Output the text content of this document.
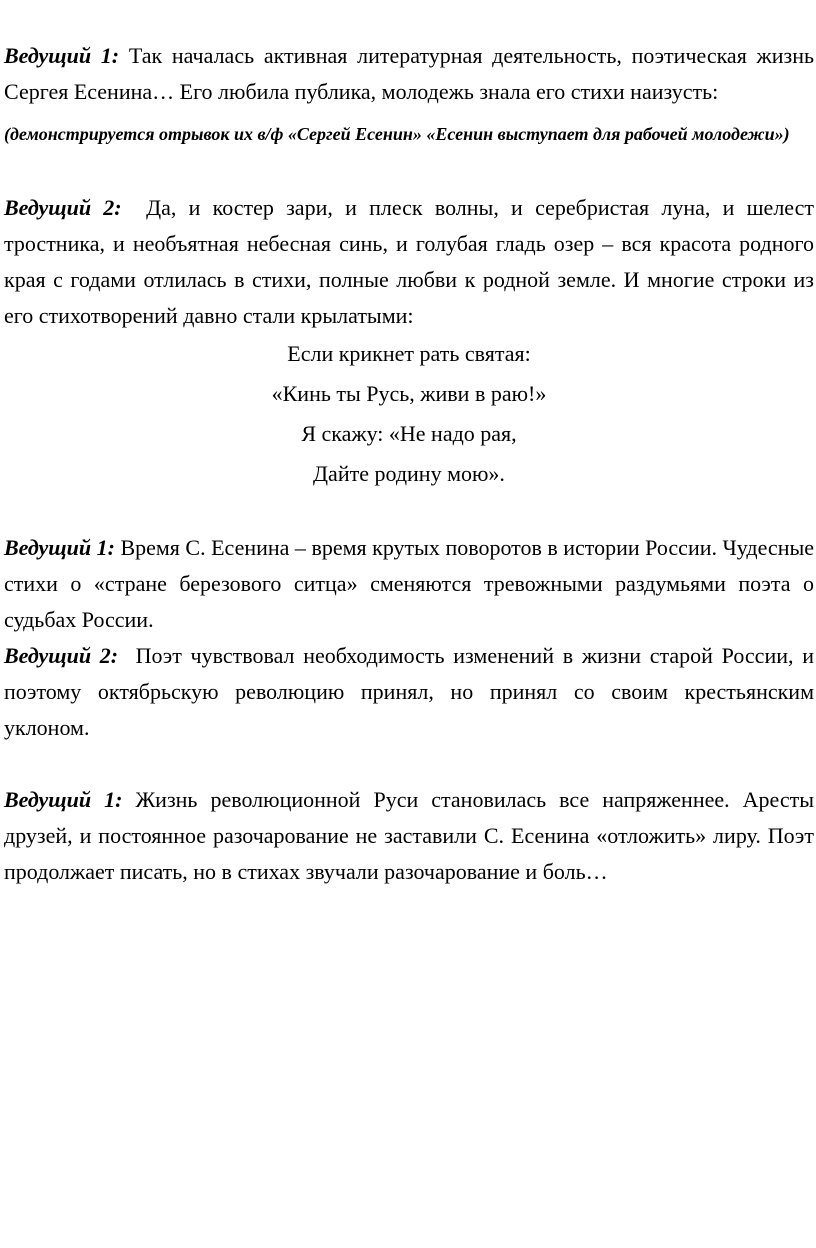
Ведущий 1: Так началась активная литературная деятельность, поэтическая жизнь Сергея Есенина… Его любила публика, молодежь знала его стихи наизусть:

(демонстрируется отрывок их в/ф «Сергей Есенин» «Есенин выступает для рабочей молодежи»)

Ведущий 2: Да, и костер зари, и плеск волны, и серебристая луна, и шелест тростника, и необъятная небесная синь, и голубая гладь озер – вся красота родного края с годами отлилась в стихи, полные любви к родной земле. И многие строки из его стихотворений давно стали крылатыми:

Если крикнет рать святая:
«Кинь ты Русь, живи в раю!»
Я скажу: «Не надо рая,
Дайте родину мою».

Ведущий 1: Время С. Есенина – время крутых поворотов в истории России. Чудесные стихи о «стране березового ситца» сменяются тревожными раздумьями поэта о судьбах России.

Ведущий 2: Поэт чувствовал необходимость изменений в жизни старой России, и поэтому октябрьскую революцию принял, но принял со своим крестьянским уклоном.

Ведущий 1: Жизнь революционной Руси становилась все напряженнее. Аресты друзей, и постоянное разочарование не заставили С. Есенина «отложить» лиру. Поэт продолжает писать, но в стихах звучали разочарование и боль…
